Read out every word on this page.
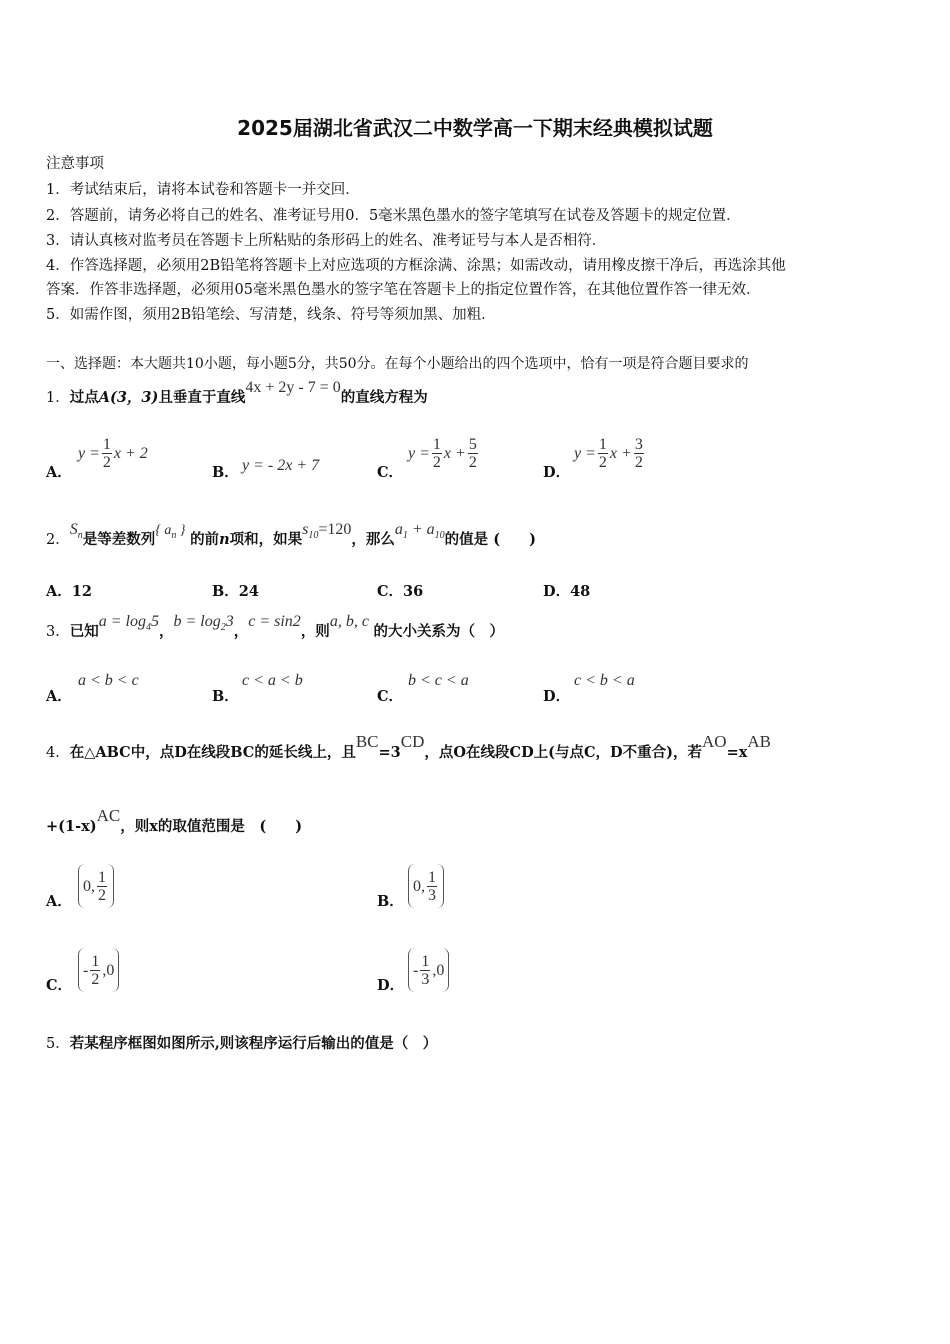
2025届湖北省武汉二中数学高一下期末经典模拟试题
注意事项
1．考试结束后，请将本试卷和答题卡一并交回．
2．答题前，请务必将自己的姓名、准考证号用0．5毫米黑色墨水的签字笔填写在试卷及答题卡的规定位置．
3．请认真核对监考员在答题卡上所粘贴的条形码上的姓名、准考证号与本人是否相符．
4．作答选择题，必须用2B铅笔将答题卡上对应选项的方框涂满、涂黑；如需改动，请用橡皮擦干净后，再选涂其他
答案．作答非选择题，必须用05毫米黑色墨水的签字笔在答题卡上的指定位置作答，在其他位置作答一律无效．
5．如需作图，须用2B铅笔绘、写清楚，线条、符号等须加黑、加粗．
一、选择题：本大题共10小题，每小题5分，共50分。在每个小题给出的四个选项中，恰有一项是符合题目要求的
1．过点A(3，3)且垂直于直线4x + 2y - 7 = 0的直线方程为
A．
$y = \frac{1}{2}$ x + 2
B． y = - 2x + 7	C．
$y = \frac{1}{2}$ $x + \frac{5}{2}$
D．
$y = \frac{1}{2}$ $x + \frac{3}{2}$
2．$S_n$是等差数列{ $a_n$ } 的前n项和，如果$s_{10}=120$，那么$a_1 + a_{10}$的值是 (　　)
A．12	B．24	C．36	D．48
3．已知$a = \log_45$，$b = \log_23$，c = sin2，则a, b, c 的大小关系为（　）
A．
a < b < c
B．
c < a < b
C．
b < c < a
D．
c < b < a
4．在△ABC中，点D在线段BC的延长线上，且BC=3CD，点O在线段CD上(与点C，D不重合)，若AO=xAB
+(1-x)AC，则x的取值范围是　(　　)
A．
0, $\frac{1}{2}$	B．
0, $\frac{1}{3}$
C．
- $\frac{1}{2} ,0$
D．
- $\frac{1}{3} ,0$
5．若某程序框图如图所示,则该程序运行后输出的值是（　）
